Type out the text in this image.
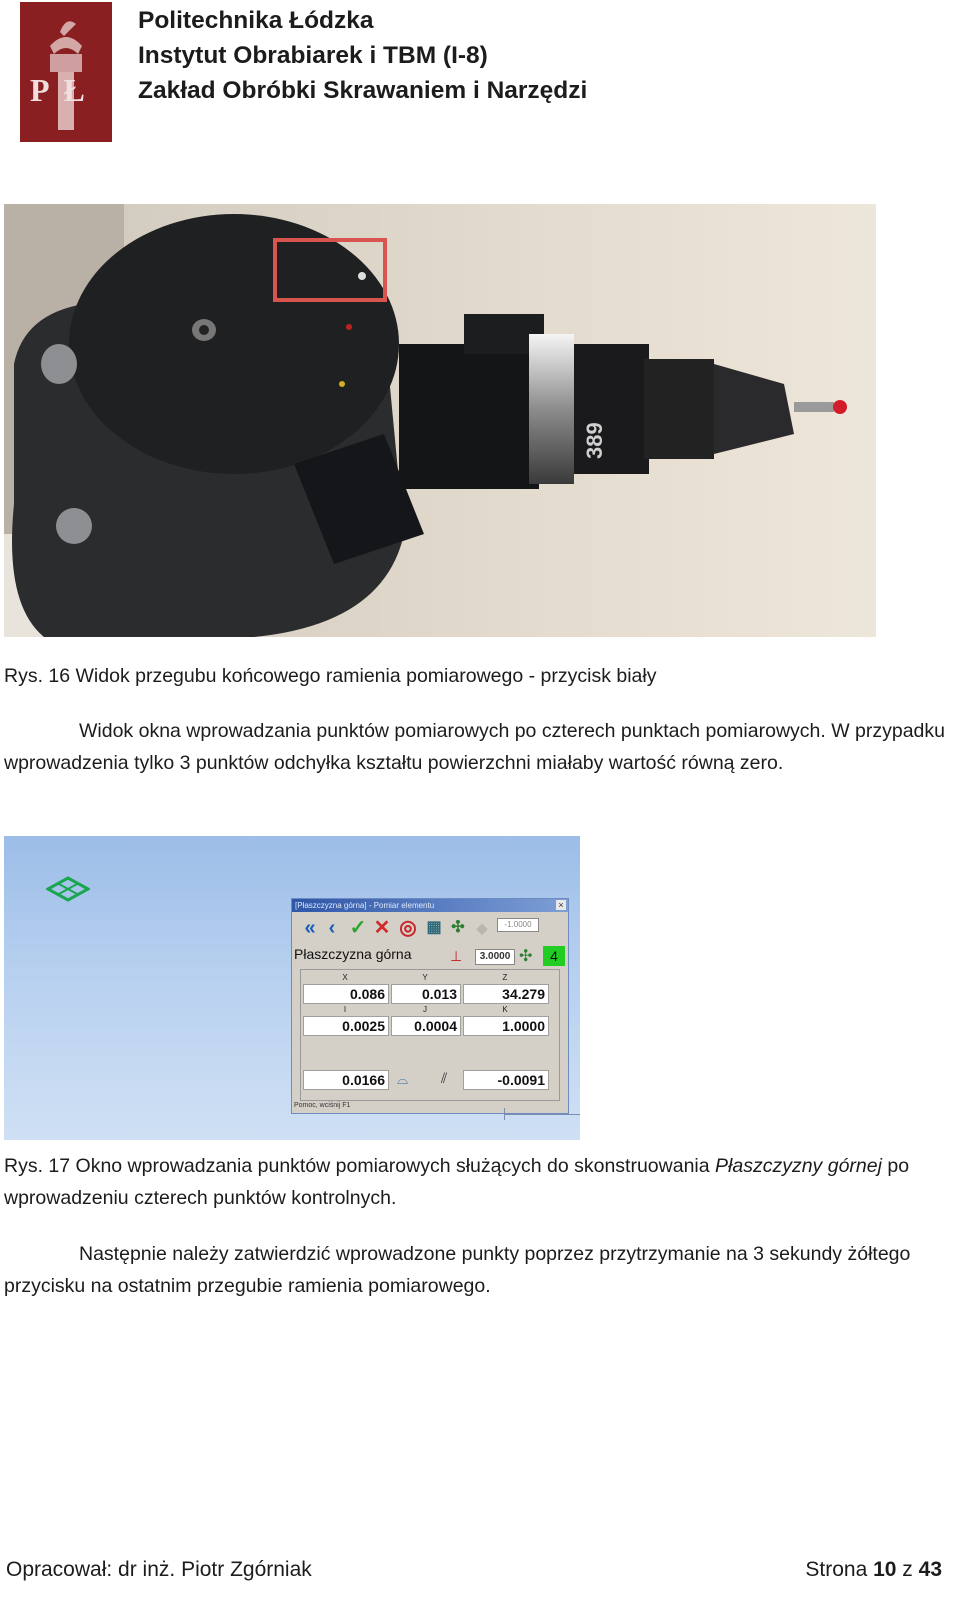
PŁ
Politechnika Łódzka
Instytut Obrabiarek i TBM (I-8)
Zakład Obróbki Skrawaniem i Narzędzi
389
Rys. 16 Widok przegubu końcowego ramienia pomiarowego - przycisk biały
Widok okna wprowadzania punktów pomiarowych po czterech punktach pomiarowych. W przypadku wprowadzenia tylko 3 punktów odchyłka kształtu powierzchni miałaby wartość równą zero.
[Płaszczyzna górna] - Pomiar elementu	×
« ‹ ✓ ✕ ◎ ▦ ✣ ◆	-1.0000
Płaszczyzna górna	⊥	3.0000 ✣	4
X	Y	Z
0.086	0.013	34.279
I	J	K
0.0025	0.0004	1.0000
0.0166 ⌓ ⫽	-0.0091
Pomoc, wciśnij F1
Rys. 17 Okno wprowadzania punktów pomiarowych służących do skonstruowania Płaszczyzny górnej po wprowadzeniu czterech punktów kontrolnych.
Następnie należy zatwierdzić wprowadzone punkty poprzez przytrzymanie na 3 sekundy żółtego przycisku na ostatnim przegubie ramienia pomiarowego.
Opracował: dr inż. Piotr Zgórniak	Strona 10 z 43
